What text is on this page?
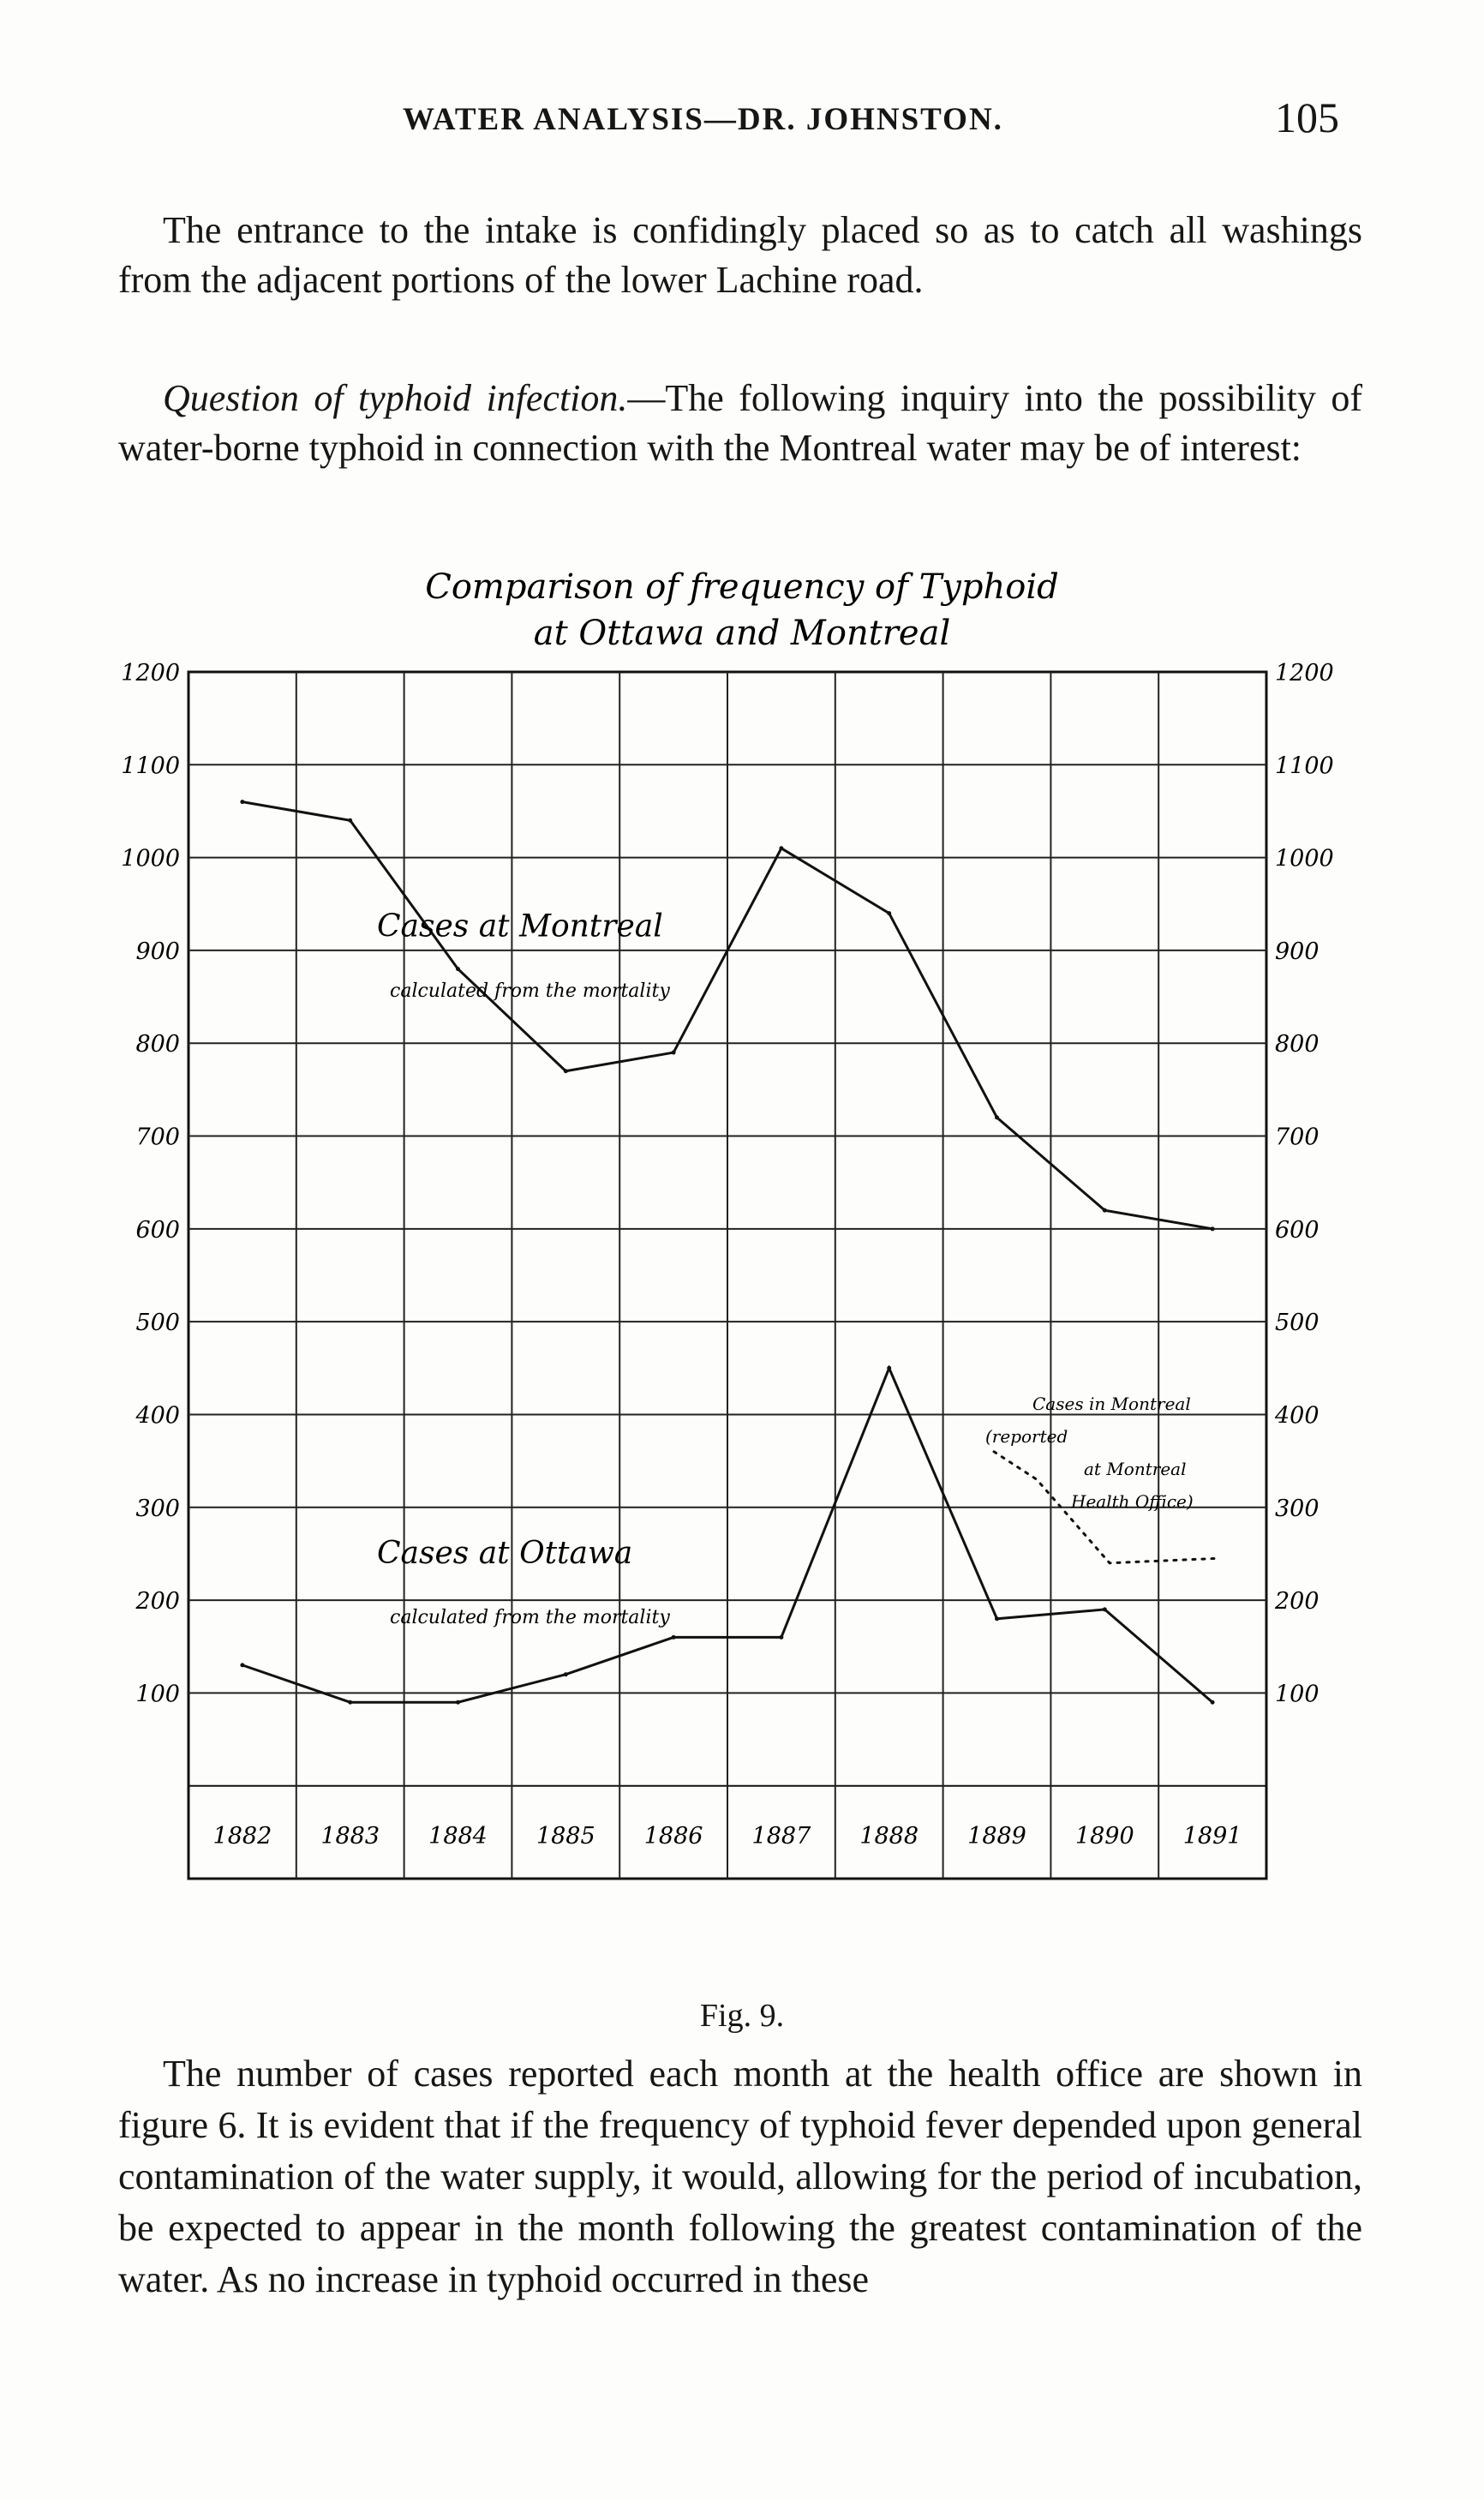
WATER ANALYSIS—DR. JOHNSTON.	105

The entrance to the intake is confidingly placed so as to catch all washings from the adjacent portions of the lower Lachine road.

Question of typhoid infection.—The following inquiry into the possibility of water-borne typhoid in connection with the Montreal water may be of interest:

Comparison of frequency of Typhoid
at Ottawa and Montreal
100	100
200	200
300	300
400	400
500	500
600	600
700	700
800	800
900	900
1000	1000
1100	1100
1200	1200
1882 1883 1884 1885 1886 1887 1888 1889 1890 1891
Cases at Montreal
calculated from the mortality
Cases at Ottawa
calculated from the mortality
Cases in Montreal
(reported
at Montreal
Health Office)
Fig. 9.

The number of cases reported each month at the health office are shown in figure 6. It is evident that if the frequency of typhoid fever depended upon general contamination of the water supply, it would, allowing for the period of incubation, be expected to appear in the month following the greatest contamination of the water. As no increase in typhoid occurred in these
